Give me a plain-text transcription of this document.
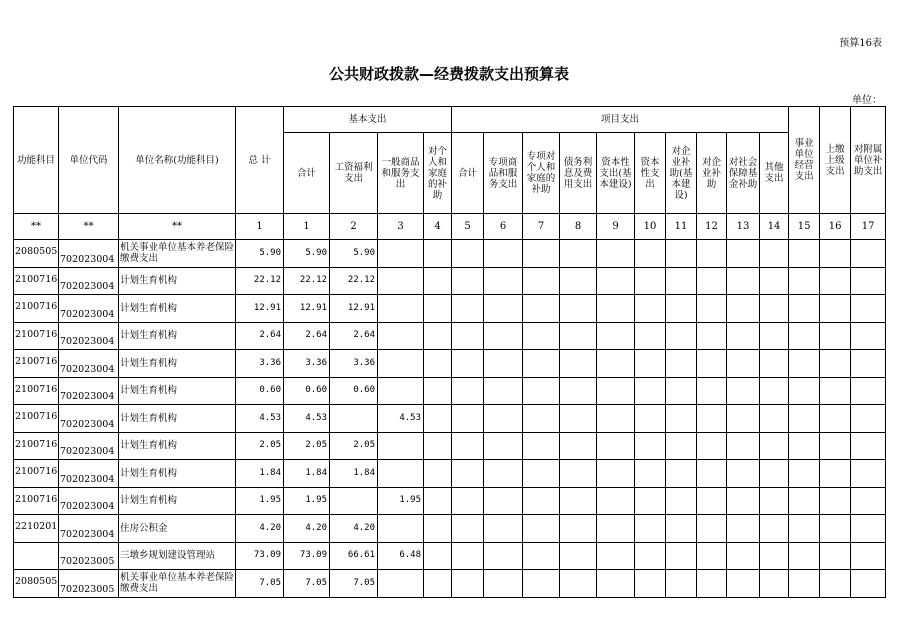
预算16表
公共财政拨款—经费拨款支出预算表
单位：
功能科目	单位代码	单位名称(功能科目)	总 计	基本支出				项目支出										事业单位经营支出	上缴上级支出	对附属单位补助支出
				合计	工资福利支出	一般商品和服务支出	对个人和家庭的补助	合计	专项商品和服务支出	专项对个人和家庭的补助	债务利息及费用支出	资本性支出(基本建设)	资本性支出	对企业补助(基本建设)	对企业补助	对社会保障基金补助	其他支出			
**	**	**	1	1	2	3	4	5	6	7	8	9	10	11	12	13	14	15	16	17
2080505	702023004	机关事业单位基本养老保险缴费支出	5.90	5.90	5.90															
2100716	702023004	计划生育机构	22.12	22.12	22.12															
2100716	702023004	计划生育机构	12.91	12.91	12.91															
2100716	702023004	计划生育机构	2.64	2.64	2.64															
2100716	702023004	计划生育机构	3.36	3.36	3.36															
2100716	702023004	计划生育机构	0.60	0.60	0.60															
2100716	702023004	计划生育机构	4.53	4.53		4.53														
2100716	702023004	计划生育机构	2.05	2.05	2.05															
2100716	702023004	计划生育机构	1.84	1.84	1.84															
2100716	702023004	计划生育机构	1.95	1.95		1.95														
2210201	702023004	住房公积金	4.20	4.20	4.20															
	702023005	三墩乡规划建设管理站	73.09	73.09	66.61	6.48														
2080505	702023005	机关事业单位基本养老保险缴费支出	7.05	7.05	7.05															
